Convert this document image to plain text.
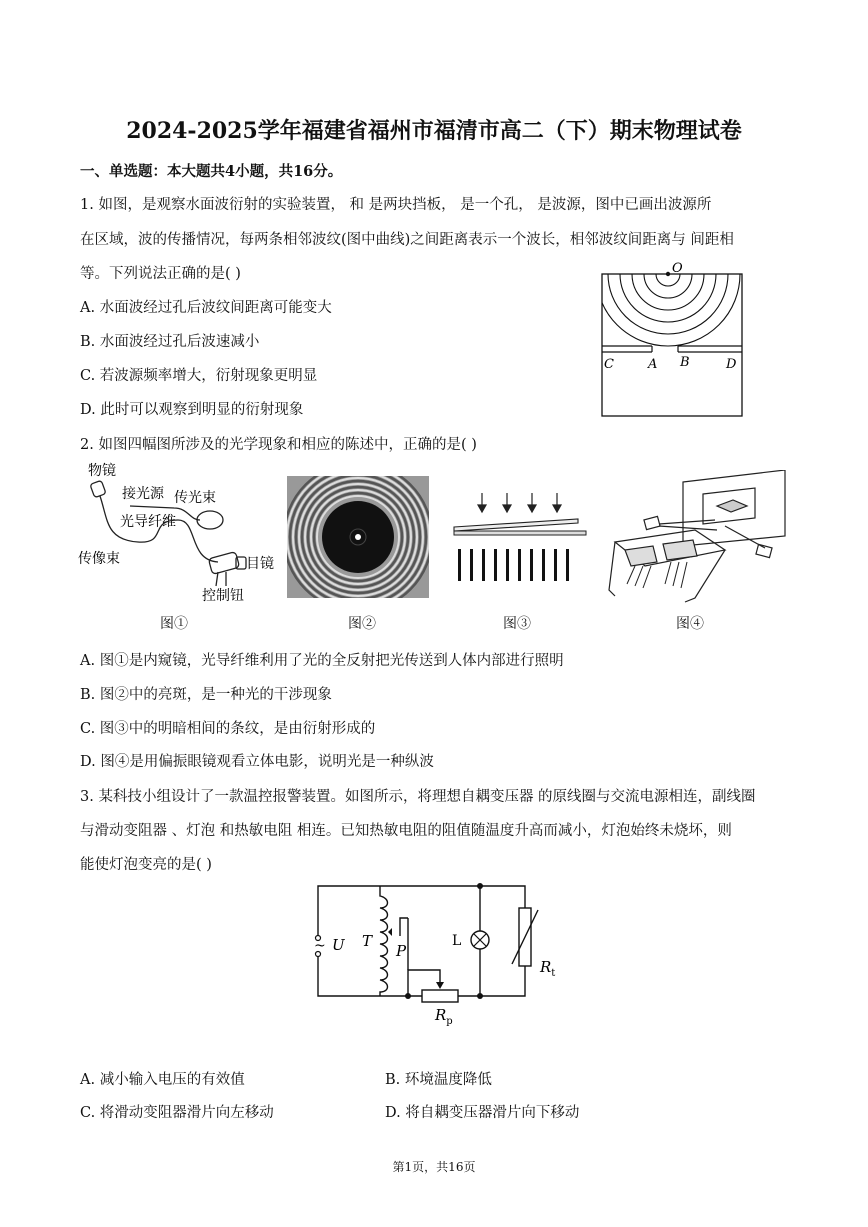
2024-2025学年福建省福州市福清市高二（下）期末物理试卷
一、单选题：本大题共4小题，共16分。
1. 如图，是观察水面波衍射的实验装置， 和 是两块挡板， 是一个孔， 是波源，图中已画出波源所
在区域，波的传播情况，每两条相邻波纹(图中曲线)之间距离表示一个波长，相邻波纹间距离与 间距相
等。下列说法正确的是( )
A. 水面波经过孔后波纹间距离可能变大
B. 水面波经过孔后波速减小
C. 若波源频率增大，衍射现象更明显
D. 此时可以观察到明显的衍射现象
O
C	A B	D
2. 如图四幅图所涉及的光学现象和相应的陈述中，正确的是( )
物镜
接光源 传光束
光导纤维
传像束	目镜
控制钮
图①	图②	图③	图④
A. 图①是内窥镜，光导纤维利用了光的全反射把光传送到人体内部进行照明
B. 图②中的亮斑，是一种光的干涉现象
C. 图③中的明暗相间的条纹，是由衍射形成的
D. 图④是用偏振眼镜观看立体电影，说明光是一种纵波
3. 某科技小组设计了一款温控报警装置。如图所示，将理想自耦变压器 的原线圈与交流电源相连，副线圈
与滑动变阻器 、灯泡 和热敏电阻 相连。已知热敏电阻的阻值随温度升高而减小，灯泡始终未烧坏，则
能使灯泡变亮的是( )
~ U T
P
L
$R_t$
$R_p$
A. 减小输入电压的有效值	B. 环境温度降低
C. 将滑动变阻器滑片向左移动	D. 将自耦变压器滑片向下移动
第1页，共16页
